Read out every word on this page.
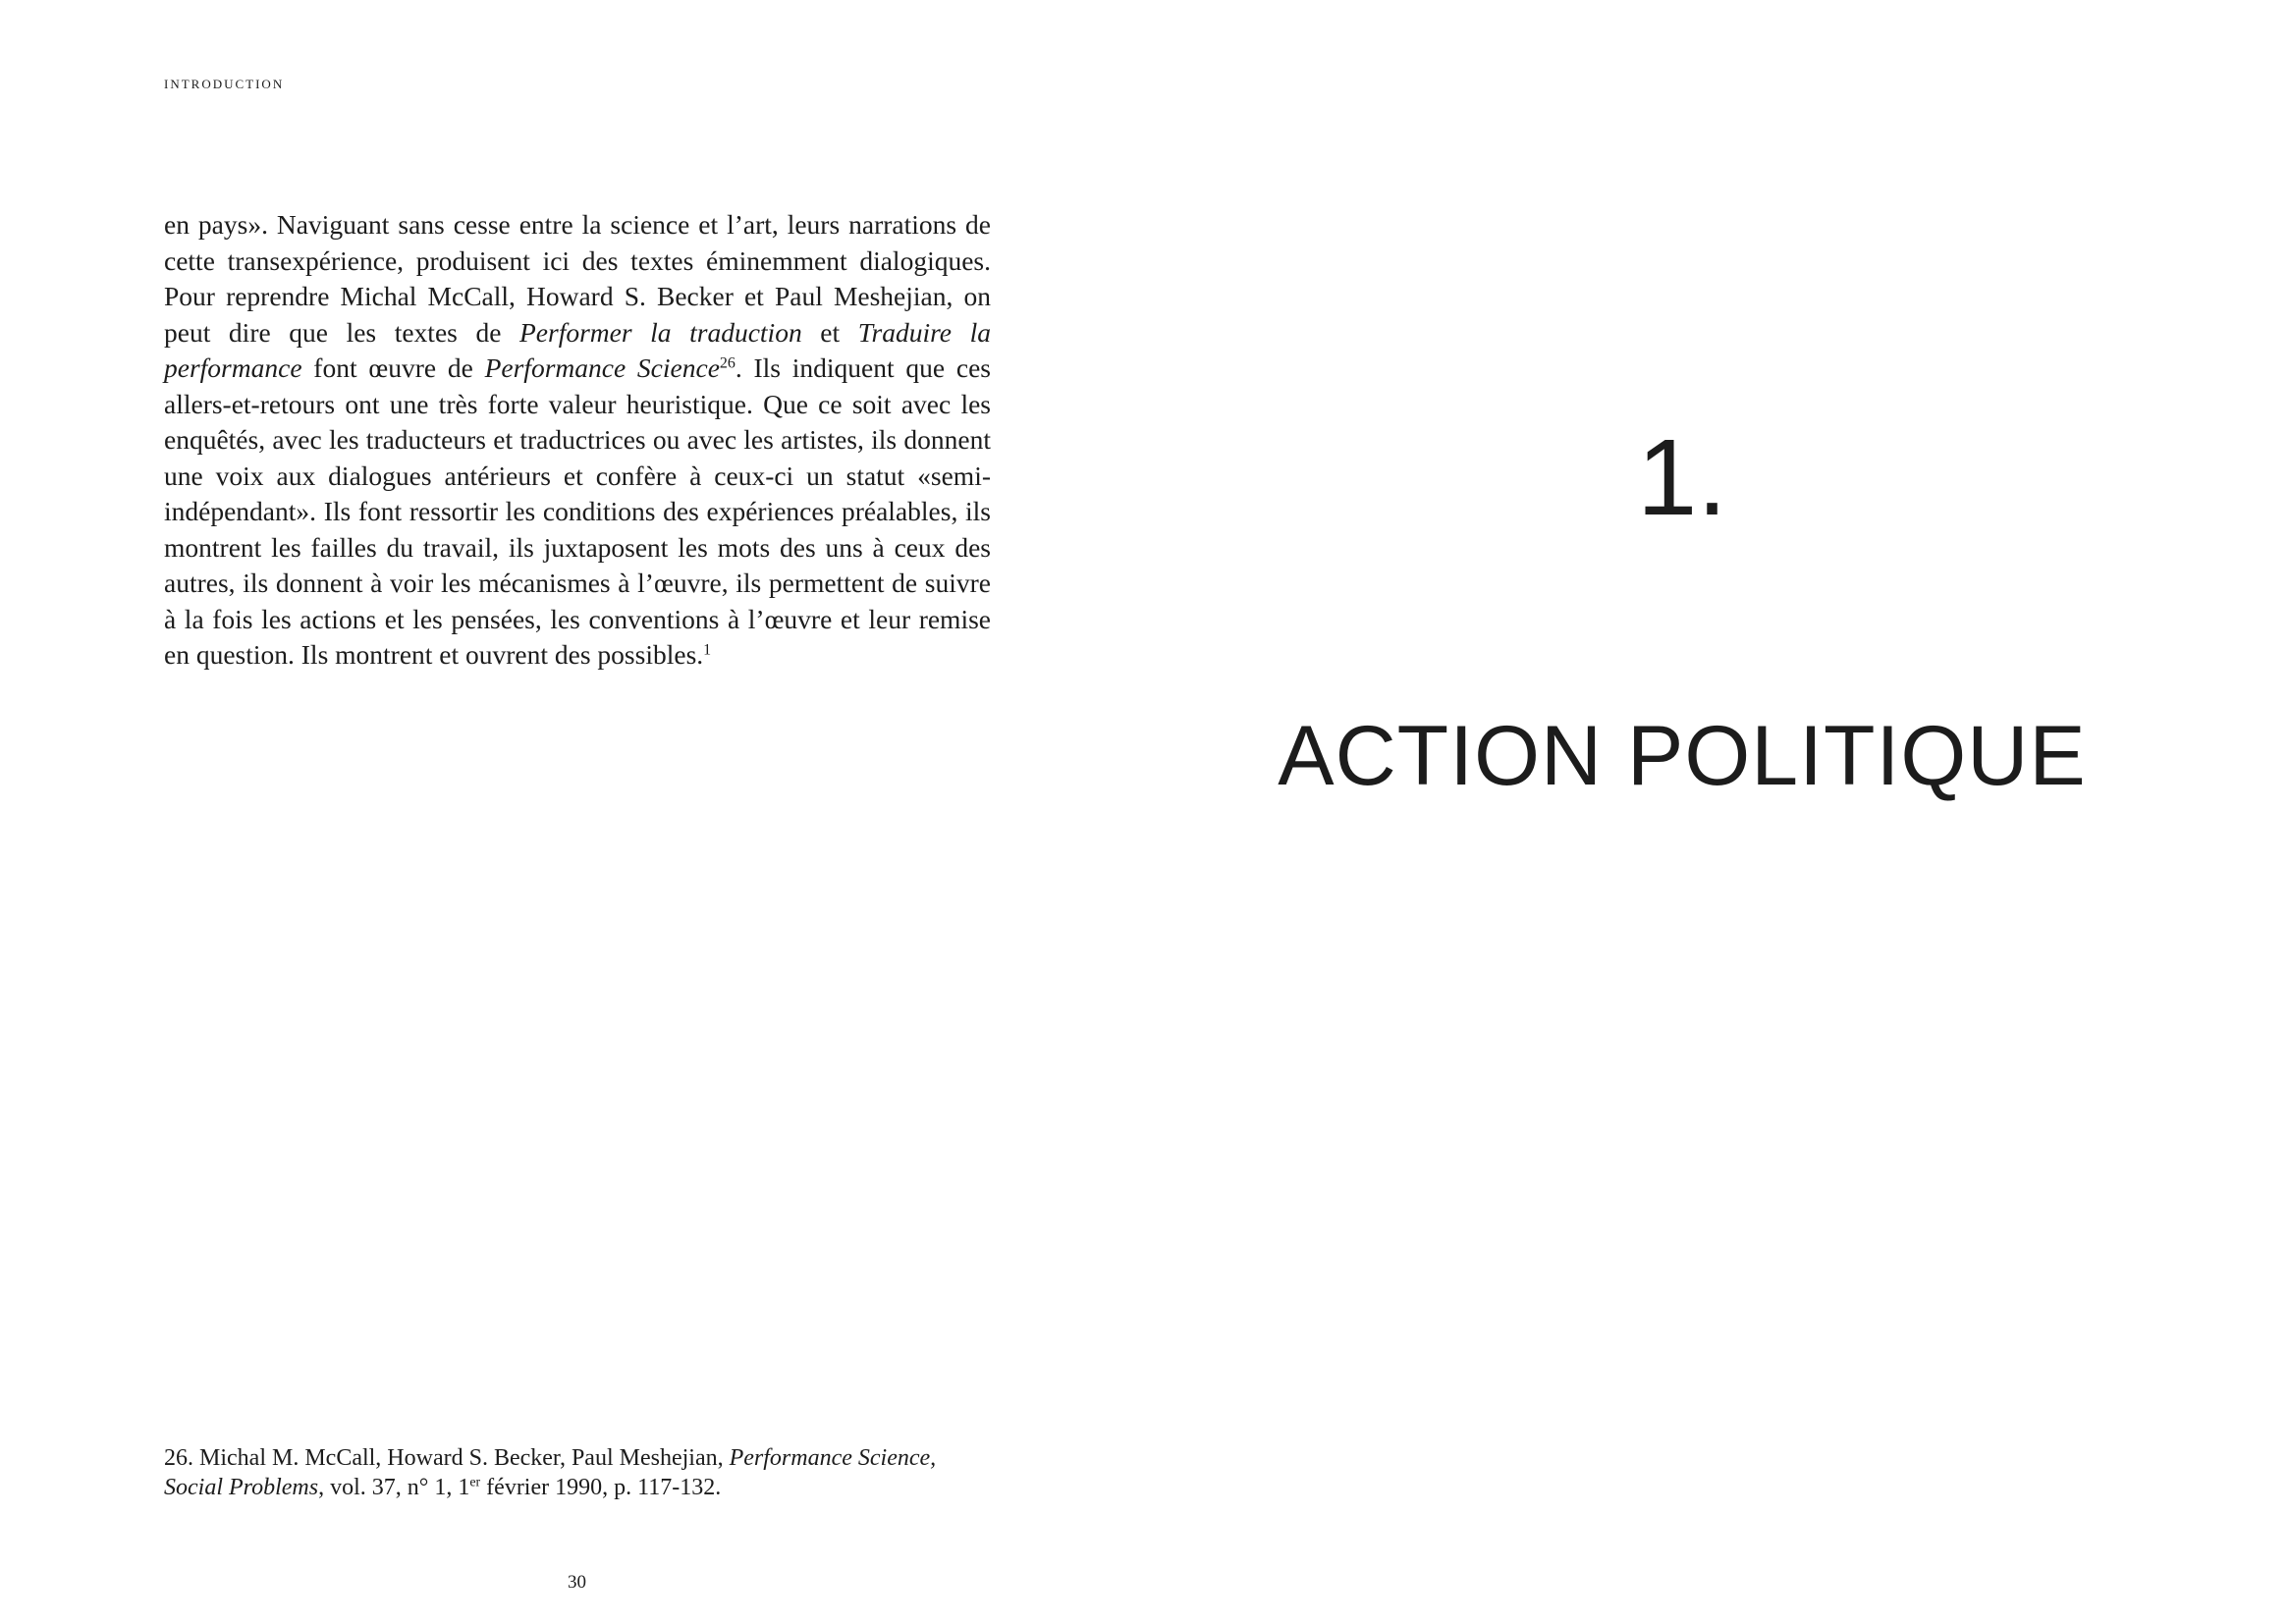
introduction

en pays». Naviguant sans cesse entre la science et l’art, leurs narrations de cette transexpérience, produisent ici des textes éminemment dialogiques. Pour reprendre Michal McCall, Howard S. Becker et Paul Meshejian, on peut dire que les textes de Performer la traduction et Traduire la performance font œuvre de Performance Science$^{26}$. Ils indiquent que ces allers-et-retours ont une très forte valeur heuristique. Que ce soit avec les enquêtés, avec les traducteurs et traductrices ou avec les artistes, ils donnent une voix aux dialogues antérieurs et confère à ceux-ci un statut «semi-indépendant». Ils font ressortir les conditions des expériences préalables, ils montrent les failles du travail, ils juxtaposent les mots des uns à ceux des autres, ils donnent à voir les mécanismes à l’œuvre, ils permettent de suivre à la fois les actions et les pensées, les conventions à l’œuvre et leur remise en question. Ils montrent et ouvrent des possibles.$^1$

26. Michal M. McCall, Howard S. Becker, Paul Meshejian, Performance Science, Social Problems, vol. 37, n° 1, 1er février 1990, p. 117-132.

30
1.
ACTION POLITIQUE
